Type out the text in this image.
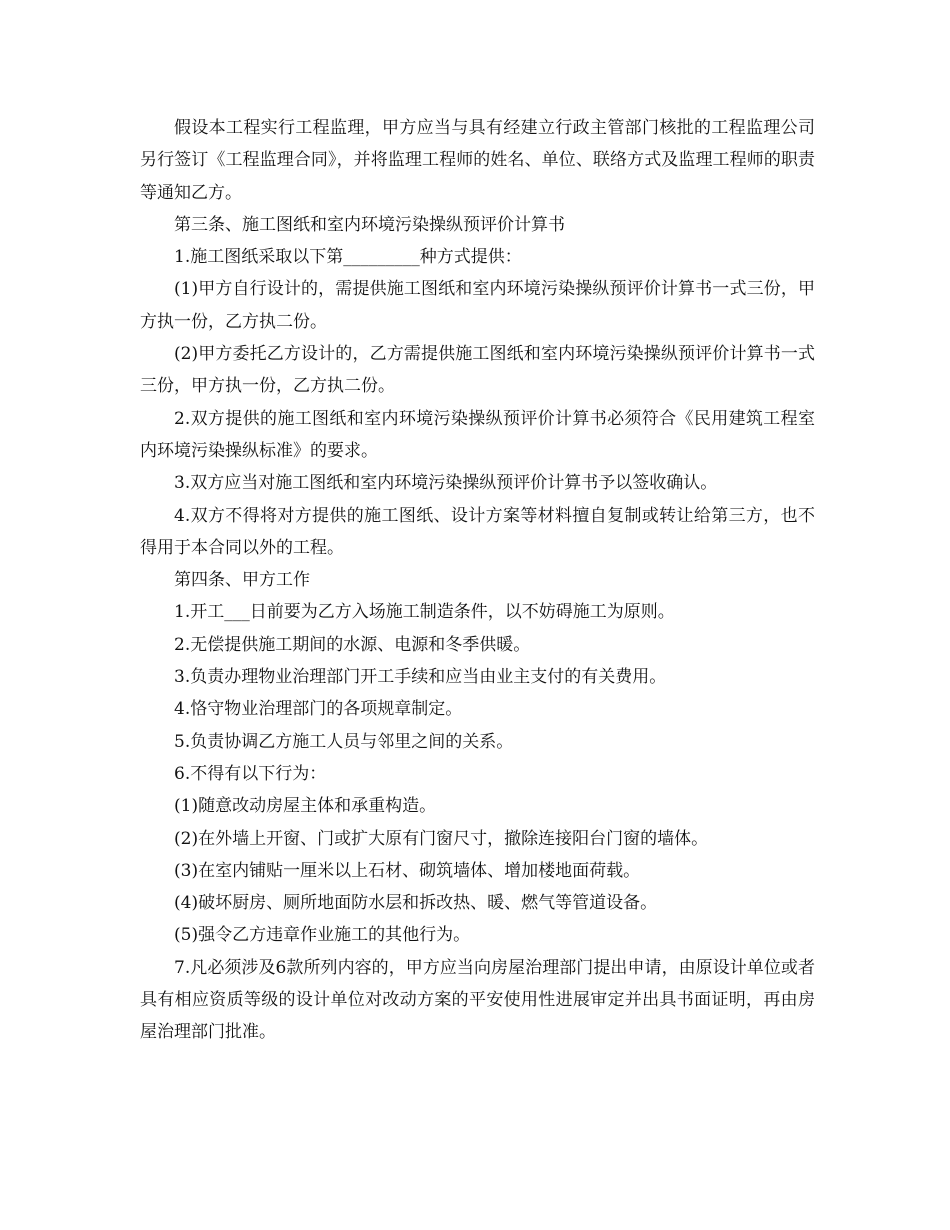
假设本工程实行工程监理，甲方应当与具有经建立行政主管部门核批的工程监理公司另行签订《工程监理合同》，并将监理工程师的姓名、单位、联络方式及监理工程师的职责等通知乙方。

第三条、施工图纸和室内环境污染操纵预评价计算书

1.施工图纸采取以下第_________种方式提供：

(1)甲方自行设计的，需提供施工图纸和室内环境污染操纵预评价计算书一式三份，甲方执一份，乙方执二份。

(2)甲方委托乙方设计的，乙方需提供施工图纸和室内环境污染操纵预评价计算书一式三份，甲方执一份，乙方执二份。

2.双方提供的施工图纸和室内环境污染操纵预评价计算书必须符合《民用建筑工程室内环境污染操纵标准》的要求。

3.双方应当对施工图纸和室内环境污染操纵预评价计算书予以签收确认。

4.双方不得将对方提供的施工图纸、设计方案等材料擅自复制或转让给第三方，也不得用于本合同以外的工程。

第四条、甲方工作

1.开工___日前要为乙方入场施工制造条件，以不妨碍施工为原则。

2.无偿提供施工期间的水源、电源和冬季供暖。

3.负责办理物业治理部门开工手续和应当由业主支付的有关费用。

4.恪守物业治理部门的各项规章制定。

5.负责协调乙方施工人员与邻里之间的关系。

6.不得有以下行为：

(1)随意改动房屋主体和承重构造。

(2)在外墙上开窗、门或扩大原有门窗尺寸，撤除连接阳台门窗的墙体。

(3)在室内铺贴一厘米以上石材、砌筑墙体、增加楼地面荷载。

(4)破坏厨房、厕所地面防水层和拆改热、暖、燃气等管道设备。

(5)强令乙方违章作业施工的其他行为。

7.凡必须涉及6款所列内容的，甲方应当向房屋治理部门提出申请，由原设计单位或者具有相应资质等级的设计单位对改动方案的平安使用性进展审定并出具书面证明，再由房屋治理部门批准。
